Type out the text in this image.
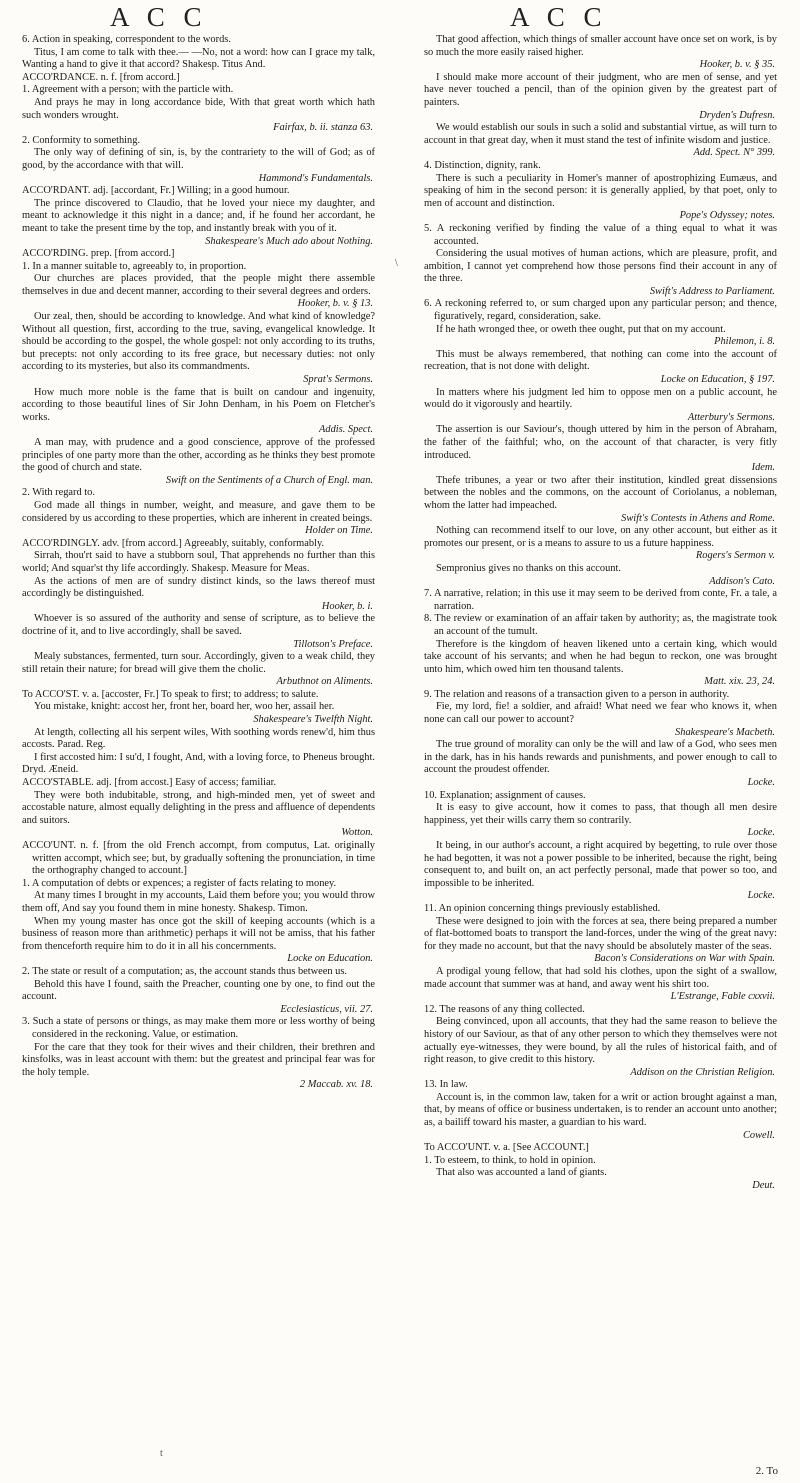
A C C	A C C

6. Action in speaking, correspondent to the words.

Titus, I am come to talk with thee.— —No, not a word: how can I grace my talk, Wanting a hand to give it that accord? Shakesp. Titus And.

ACCO'RDANCE. n. f. [from accord.]

1. Agreement with a person; with the particle with.

And prays he may in long accordance bide, With that great worth which hath such wonders wrought.
Fairfax, b. ii. stanza 63.

2. Conformity to something.

The only way of defining of sin, is, by the contrariety to the will of God; as of good, by the accordance with that will.
Hammond's Fundamentals.

ACCO'RDANT. adj. [accordant, Fr.] Willing; in a good humour.

The prince discovered to Claudio, that he loved your niece my daughter, and meant to acknowledge it this night in a dance; and, if he found her accordant, he meant to take the present time by the top, and instantly break with you of it.
Shakespeare's Much ado about Nothing.

ACCO'RDING. prep. [from accord.]

1. In a manner suitable to, agreeably to, in proportion.

Our churches are places provided, that the people might there assemble themselves in due and decent manner, according to their several degrees and orders.
Hooker, b. v. § 13.

Our zeal, then, should be according to knowledge. And what kind of knowledge? Without all question, first, according to the true, saving, evangelical knowledge. It should be according to the gospel, the whole gospel: not only according to its truths, but precepts: not only according to its free grace, but necessary duties: not only according to its mysteries, but also its commandments.
Sprat's Sermons.

How much more noble is the fame that is built on candour and ingenuity, according to those beautiful lines of Sir John Denham, in his Poem on Fletcher's works.
Addis. Spect.

A man may, with prudence and a good conscience, approve of the professed principles of one party more than the other, according as he thinks they best promote the good of church and state.
Swift on the Sentiments of a Church of Engl. man.

2. With regard to.

God made all things in number, weight, and measure, and gave them to be considered by us according to these properties, which are inherent in created beings.
Holder on Time.

ACCO'RDINGLY. adv. [from accord.] Agreeably, suitably, conformably.

Sirrah, thou'rt said to have a stubborn soul, That apprehends no further than this world; And squar'st thy life accordingly. Shakesp. Measure for Meas.

As the actions of men are of sundry distinct kinds, so the laws thereof must accordingly be distinguished.
Hooker, b. i.

Whoever is so assured of the authority and sense of scripture, as to believe the doctrine of it, and to live accordingly, shall be saved.
Tillotson's Preface.

Mealy substances, fermented, turn sour. Accordingly, given to a weak child, they still retain their nature; for bread will give them the cholic.
Arbuthnot on Aliments.

To ACCO'ST. v. a. [accoster, Fr.] To speak to first; to address; to salute.

You mistake, knight: accost her, front her, board her, woo her, assail her.
Shakespeare's Twelfth Night.

At length, collecting all his serpent wiles, With soothing words renew'd, him thus accosts. Parad. Reg.

I first accosted him: I su'd, I fought, And, with a loving force, to Pheneus brought. Dryd. Æneid.

ACCO'STABLE. adj. [from accost.] Easy of access; familiar.

They were both indubitable, strong, and high-minded men, yet of sweet and accostable nature, almost equally delighting in the press and affluence of dependents and suitors.
Wotton.

ACCO'UNT. n. f. [from the old French accompt, from computus, Lat. originally written accompt, which see; but, by gradually softening the pronunciation, in time the orthography changed to account.]

1. A computation of debts or expences; a register of facts relating to money.

At many times I brought in my accounts, Laid them before you; you would throw them off, And say you found them in mine honesty. Shakesp. Timon.

When my young master has once got the skill of keeping accounts (which is a business of reason more than arithmetic) perhaps it will not be amiss, that his father from thenceforth require him to do it in all his concernments.
Locke on Education.

2. The state or result of a computation; as, the account stands thus between us.

Behold this have I found, saith the Preacher, counting one by one, to find out the account.
Ecclesiasticus, vii. 27.

3. Such a state of persons or things, as may make them more or less worthy of being considered in the reckoning. Value, or estimation.

For the care that they took for their wives and their children, their brethren and kinsfolks, was in least account with them: but the greatest and principal fear was for the holy temple.
2 Maccab. xv. 18.

\

That good affection, which things of smaller account have once set on work, is by so much the more easily raised higher.
Hooker, b. v. § 35.

I should make more account of their judgment, who are men of sense, and yet have never touched a pencil, than of the opinion given by the greatest part of painters.
Dryden's Dufresn.

We would establish our souls in such a solid and substantial virtue, as will turn to account in that great day, when it must stand the test of infinite wisdom and justice.
Add. Spect. N° 399.

4. Distinction, dignity, rank.

There is such a peculiarity in Homer's manner of apostrophizing Eumæus, and speaking of him in the second person: it is generally applied, by that poet, only to men of account and distinction.
Pope's Odyssey; notes.

5. A reckoning verified by finding the value of a thing equal to what it was accounted.

Considering the usual motives of human actions, which are pleasure, profit, and ambition, I cannot yet comprehend how those persons find their account in any of the three.
Swift's Address to Parliament.

6. A reckoning referred to, or sum charged upon any particular person; and thence, figuratively, regard, consideration, sake.

If he hath wronged thee, or oweth thee ought, put that on my account.
Philemon, i. 8.

This must be always remembered, that nothing can come into the account of recreation, that is not done with delight.
Locke on Education, § 197.

In matters where his judgment led him to oppose men on a public account, he would do it vigorously and heartily.
Atterbury's Sermons.

The assertion is our Saviour's, though uttered by him in the person of Abraham, the father of the faithful; who, on the account of that character, is very fitly introduced.
Idem.

Thefe tribunes, a year or two after their institution, kindled great dissensions between the nobles and the commons, on the account of Coriolanus, a nobleman, whom the latter had impeached.
Swift's Contests in Athens and Rome.

Nothing can recommend itself to our love, on any other account, but either as it promotes our present, or is a means to assure to us a future happiness.
Rogers's Sermon v.

Sempronius gives no thanks on this account.
Addison's Cato.

7. A narrative, relation; in this use it may seem to be derived from conte, Fr. a tale, a narration.

8. The review or examination of an affair taken by authority; as, the magistrate took an account of the tumult.

Therefore is the kingdom of heaven likened unto a certain king, which would take account of his servants; and when he had begun to reckon, one was brought unto him, which owed him ten thousand talents.
Matt. xix. 23, 24.

9. The relation and reasons of a transaction given to a person in authority.

Fie, my lord, fie! a soldier, and afraid! What need we fear who knows it, when none can call our power to account?
Shakespeare's Macbeth.

The true ground of morality can only be the will and law of a God, who sees men in the dark, has in his hands rewards and punishments, and power enough to call to account the proudest offender.
Locke.

10. Explanation; assignment of causes.

It is easy to give account, how it comes to pass, that though all men desire happiness, yet their wills carry them so contrarily.
Locke.

It being, in our author's account, a right acquired by begetting, to rule over those he had begotten, it was not a power possible to be inherited, because the right, being consequent to, and built on, an act perfectly personal, made that power so too, and impossible to be inherited.
Locke.

11. An opinion concerning things previously established.

These were designed to join with the forces at sea, there being prepared a number of flat-bottomed boats to transport the land-forces, under the wing of the great navy: for they made no account, but that the navy should be absolutely master of the seas.
Bacon's Considerations on War with Spain.

A prodigal young fellow, that had sold his clothes, upon the sight of a swallow, made account that summer was at hand, and away went his shirt too.
L'Estrange, Fable cxxvii.

12. The reasons of any thing collected.

Being convinced, upon all accounts, that they had the same reason to believe the history of our Saviour, as that of any other person to which they themselves were not actually eye-witnesses, they were bound, by all the rules of historical faith, and of right reason, to give credit to this history.
Addison on the Christian Religion.

13. In law.

Account is, in the common law, taken for a writ or action brought against a man, that, by means of office or business undertaken, is to render an account unto another; as, a bailiff toward his master, a guardian to his ward.
Cowell.

To ACCO'UNT. v. a. [See ACCOUNT.]

1. To esteem, to think, to hold in opinion.

That also was accounted a land of giants.
Deut.

t
2. To
